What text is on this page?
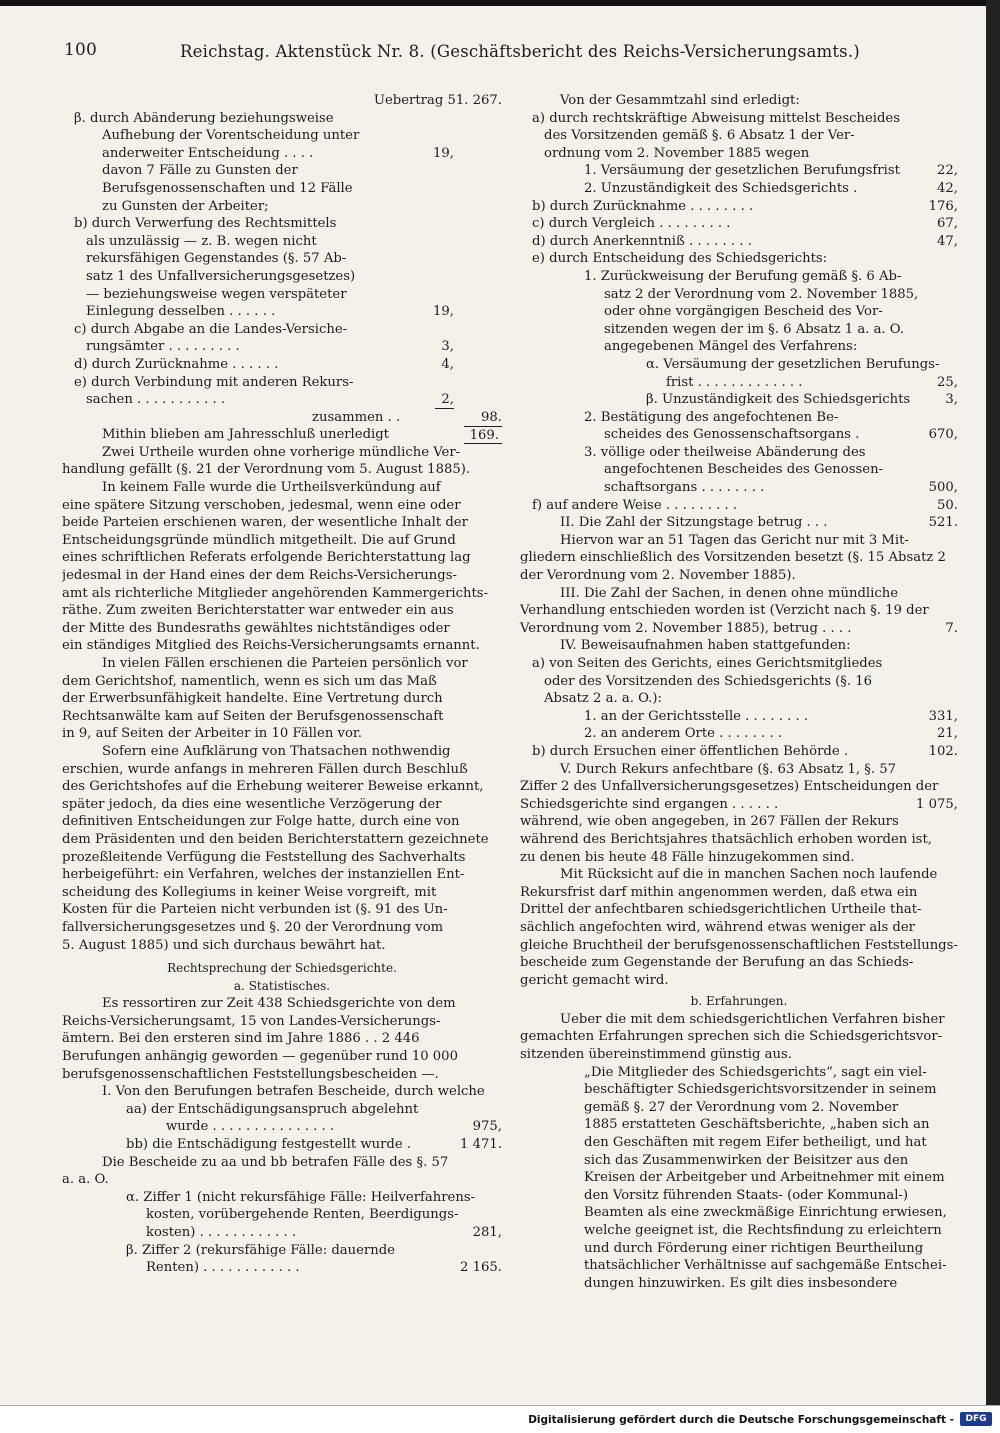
100	Reichstag. Aktenstück Nr. 8. (Geschäftsbericht des Reichs-Versicherungsamts.)
Uebertrag 51. 267.
β. durch Abänderung beziehungsweise
Aufhebung der Vorentscheidung unter
anderweiter Entscheidung . . . .	19,
davon 7 Fälle zu Gunsten der
Berufsgenossenschaften und 12 Fälle
zu Gunsten der Arbeiter;
b) durch Verwerfung des Rechtsmittels
als unzulässig — z. B. wegen nicht
rekursfähigen Gegenstandes (§. 57 Ab-
satz 1 des Unfallversicherungsgesetzes)
— beziehungsweise wegen verspäteter
Einlegung desselben . . . . . .	19,
c) durch Abgabe an die Landes-Versiche-
rungsämter . . . . . . . . .	3,
d) durch Zurücknahme . . . . . .	4,
e) durch Verbindung mit anderen Rekurs-
sachen . . . . . . . . . . .	2,
zusammen . .	98.
Mithin blieben am Jahresschluß unerledigt	169.
Zwei Urtheile wurden ohne vorherige mündliche Ver-
handlung gefällt (§. 21 der Verordnung vom 5. August 1885).
In keinem Falle wurde die Urtheilsverkündung auf
eine spätere Sitzung verschoben, jedesmal, wenn eine oder
beide Parteien erschienen waren, der wesentliche Inhalt der
Entscheidungsgründe mündlich mitgetheilt. Die auf Grund
eines schriftlichen Referats erfolgende Berichterstattung lag
jedesmal in der Hand eines der dem Reichs-Versicherungs-
amt als richterliche Mitglieder angehörenden Kammergerichts-
räthe. Zum zweiten Berichterstatter war entweder ein aus
der Mitte des Bundesraths gewähltes nichtständiges oder
ein ständiges Mitglied des Reichs-Versicherungsamts ernannt.
In vielen Fällen erschienen die Parteien persönlich vor
dem Gerichtshof, namentlich, wenn es sich um das Maß
der Erwerbsunfähigkeit handelte. Eine Vertretung durch
Rechtsanwälte kam auf Seiten der Berufsgenossenschaft
in 9, auf Seiten der Arbeiter in 10 Fällen vor.
Sofern eine Aufklärung von Thatsachen nothwendig
erschien, wurde anfangs in mehreren Fällen durch Beschluß
des Gerichtshofes auf die Erhebung weiterer Beweise erkannt,
später jedoch, da dies eine wesentliche Verzögerung der
definitiven Entscheidungen zur Folge hatte, durch eine von
dem Präsidenten und den beiden Berichterstattern gezeichnete
prozeßleitende Verfügung die Feststellung des Sachverhalts
herbeigeführt: ein Verfahren, welches der instanziellen Ent-
scheidung des Kollegiums in keiner Weise vorgreift, mit
Kosten für die Parteien nicht verbunden ist (§. 91 des Un-
fallversicherungsgesetzes und §. 20 der Verordnung vom
5. August 1885) und sich durchaus bewährt hat.
Rechtsprechung der Schiedsgerichte.
a. Statistisches.
Es ressortiren zur Zeit 438 Schiedsgerichte von dem
Reichs-Versicherungsamt, 15 von Landes-Versicherungs-
ämtern. Bei den ersteren sind im Jahre 1886 . . 2 446
Berufungen anhängig geworden — gegenüber rund 10 000
berufsgenossenschaftlichen Feststellungsbescheiden —.
I. Von den Berufungen betrafen Bescheide, durch welche
aa) der Entschädigungsanspruch abgelehnt
wurde . . . . . . . . . . . . . . .	975,
bb) die Entschädigung festgestellt wurde .	1 471.
Die Bescheide zu aa und bb betrafen Fälle des §. 57
a. a. O.
α. Ziffer 1 (nicht rekursfähige Fälle: Heilverfahrens-
kosten, vorübergehende Renten, Beerdigungs-
kosten) . . . . . . . . . . . .	281,
β. Ziffer 2 (rekursfähige Fälle: dauernde
Renten) . . . . . . . . . . . .	2 165.
Von der Gesammtzahl sind erledigt:
a) durch rechtskräftige Abweisung mittelst Bescheides
des Vorsitzenden gemäß §. 6 Absatz 1 der Ver-
ordnung vom 2. November 1885 wegen
1. Versäumung der gesetzlichen Berufungsfrist	22,
2. Unzuständigkeit des Schiedsgerichts .	42,
b) durch Zurücknahme . . . . . . . .	176,
c) durch Vergleich . . . . . . . . .	67,
d) durch Anerkenntniß . . . . . . . .	47,
e) durch Entscheidung des Schiedsgerichts:
1. Zurückweisung der Berufung gemäß §. 6 Ab-
satz 2 der Verordnung vom 2. November 1885,
oder ohne vorgängigen Bescheid des Vor-
sitzenden wegen der im §. 6 Absatz 1 a. a. O.
angegebenen Mängel des Verfahrens:
α. Versäumung der gesetzlichen Berufungs-
frist . . . . . . . . . . . . .	25,
β. Unzuständigkeit des Schiedsgerichts	3,
2. Bestätigung des angefochtenen Be-
scheides des Genossenschaftsorgans .	670,
3. völlige oder theilweise Abänderung des
angefochtenen Bescheides des Genossen-
schaftsorgans . . . . . . . .	500,
f) auf andere Weise . . . . . . . . .	50.
II. Die Zahl der Sitzungstage betrug . . .	521.
Hiervon war an 51 Tagen das Gericht nur mit 3 Mit-
gliedern einschließlich des Vorsitzenden besetzt (§. 15 Absatz 2
der Verordnung vom 2. November 1885).
III. Die Zahl der Sachen, in denen ohne mündliche
Verhandlung entschieden worden ist (Verzicht nach §. 19 der
Verordnung vom 2. November 1885), betrug . . . .	7.
IV. Beweisaufnahmen haben stattgefunden:
a) von Seiten des Gerichts, eines Gerichtsmitgliedes
oder des Vorsitzenden des Schiedsgerichts (§. 16
Absatz 2 a. a. O.):
1. an der Gerichtsstelle . . . . . . . .	331,
2. an anderem Orte . . . . . . . .	21,
b) durch Ersuchen einer öffentlichen Behörde .	102.
V. Durch Rekurs anfechtbare (§. 63 Absatz 1, §. 57
Ziffer 2 des Unfallversicherungsgesetzes) Entscheidungen der
Schiedsgerichte sind ergangen . . . . . .	1 075,
während, wie oben angegeben, in 267 Fällen der Rekurs
während des Berichtsjahres thatsächlich erhoben worden ist,
zu denen bis heute 48 Fälle hinzugekommen sind.
Mit Rücksicht auf die in manchen Sachen noch laufende
Rekursfrist darf mithin angenommen werden, daß etwa ein
Drittel der anfechtbaren schiedsgerichtlichen Urtheile that-
sächlich angefochten wird, während etwas weniger als der
gleiche Bruchtheil der berufsgenossenschaftlichen Feststellungs-
bescheide zum Gegenstande der Berufung an das Schieds-
gericht gemacht wird.
b. Erfahrungen.
Ueber die mit dem schiedsgerichtlichen Verfahren bisher
gemachten Erfahrungen sprechen sich die Schiedsgerichtsvor-
sitzenden übereinstimmend günstig aus.
„Die Mitglieder des Schiedsgerichts“, sagt ein viel-
beschäftigter Schiedsgerichtsvorsitzender in seinem
gemäß §. 27 der Verordnung vom 2. November
1885 erstatteten Geschäftsberichte, „haben sich an
den Geschäften mit regem Eifer betheiligt, und hat
sich das Zusammenwirken der Beisitzer aus den
Kreisen der Arbeitgeber und Arbeitnehmer mit einem
den Vorsitz führenden Staats- (oder Kommunal-)
Beamten als eine zweckmäßige Einrichtung erwiesen,
welche geeignet ist, die Rechtsfindung zu erleichtern
und durch Förderung einer richtigen Beurtheilung
thatsächlicher Verhältnisse auf sachgemäße Entschei-
dungen hinzuwirken. Es gilt dies insbesondere
Digitalisierung gefördert durch die Deutsche Forschungsgemeinschaft -	DFG
